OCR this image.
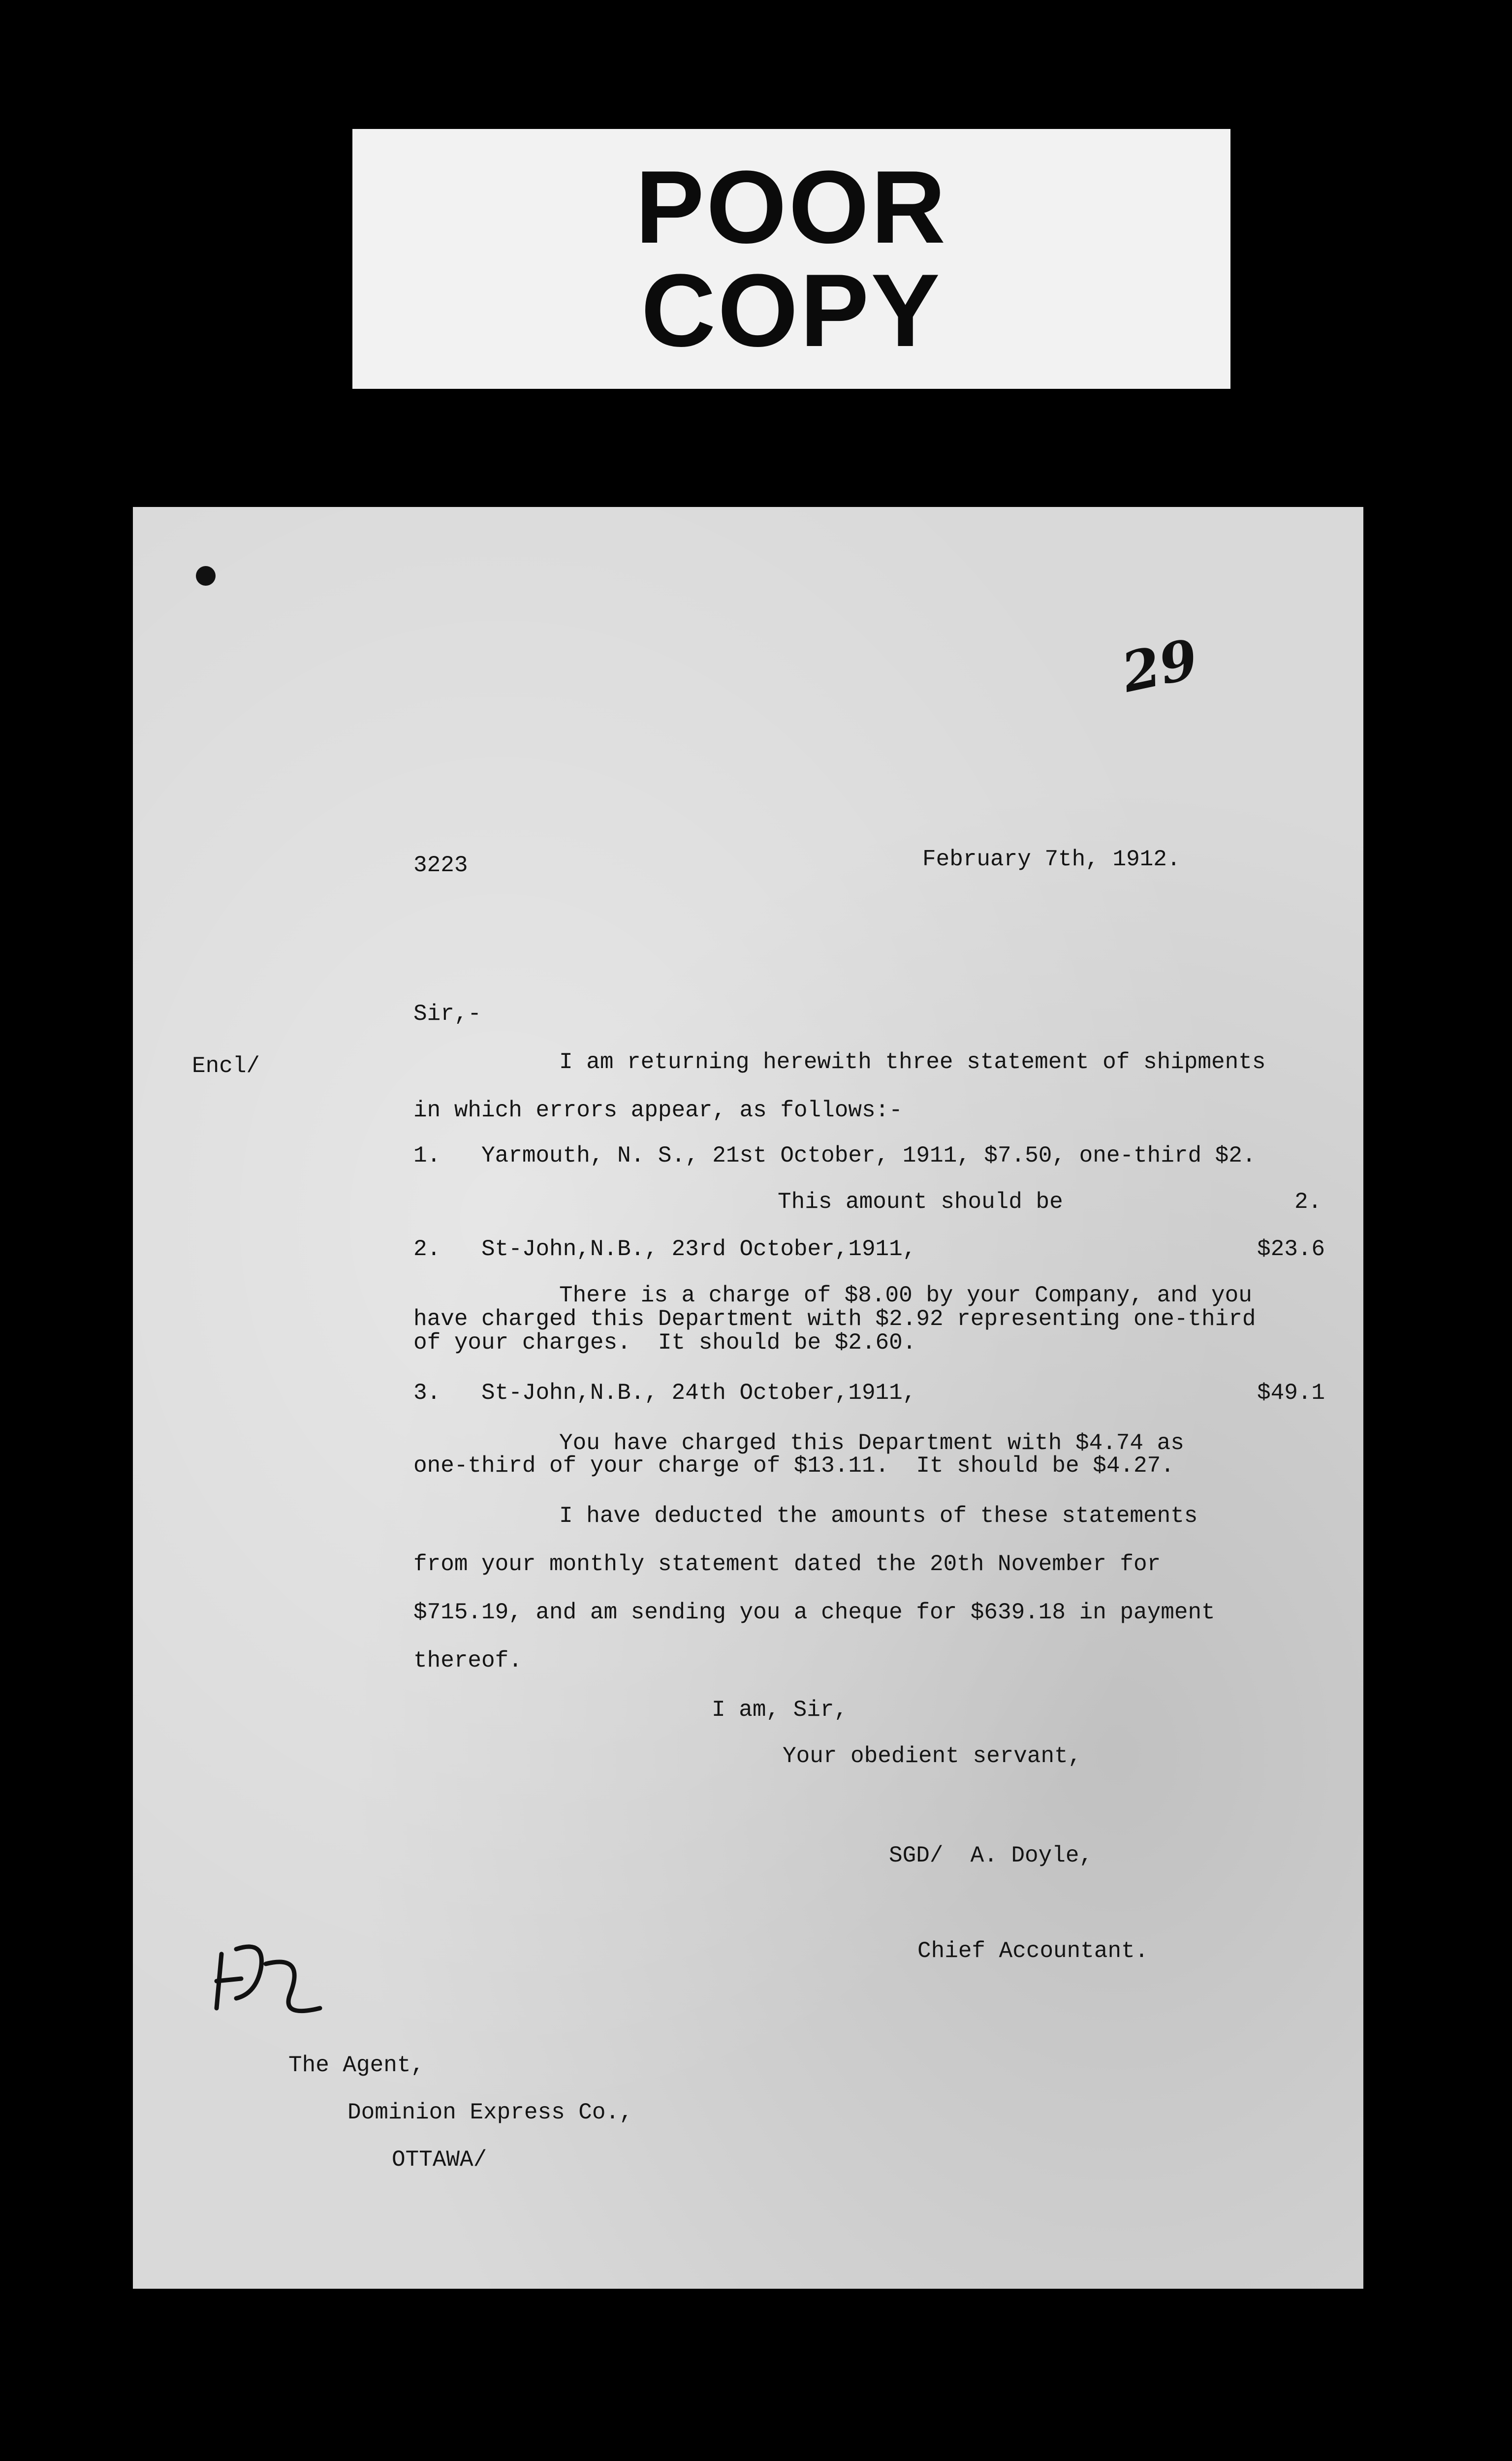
POOR
COPY
29
3223	February 7th, 1912.
Encl/
Sir,-
I am returning herewith three statement of shipments
in which errors appear, as follows:-
1.   Yarmouth, N. S., 21st October, 1911, $7.50, one-third $2.
This amount should be	2.
2.   St-John,N.B., 23rd October,1911,	$23.6
There is a charge of $8.00 by your Company, and you
have charged this Department with $2.92 representing one-third
of your charges.  It should be $2.60.
3.   St-John,N.B., 24th October,1911,	$49.1
You have charged this Department with $4.74 as
one-third of your charge of $13.11.  It should be $4.27.
I have deducted the amounts of these statements
from your monthly statement dated the 20th November for
$715.19, and am sending you a cheque for $639.18 in payment
thereof.
I am, Sir,
Your obedient servant,
SGD/  A. Doyle,
Chief Accountant.
The Agent,
Dominion Express Co.,
OTTAWA/
